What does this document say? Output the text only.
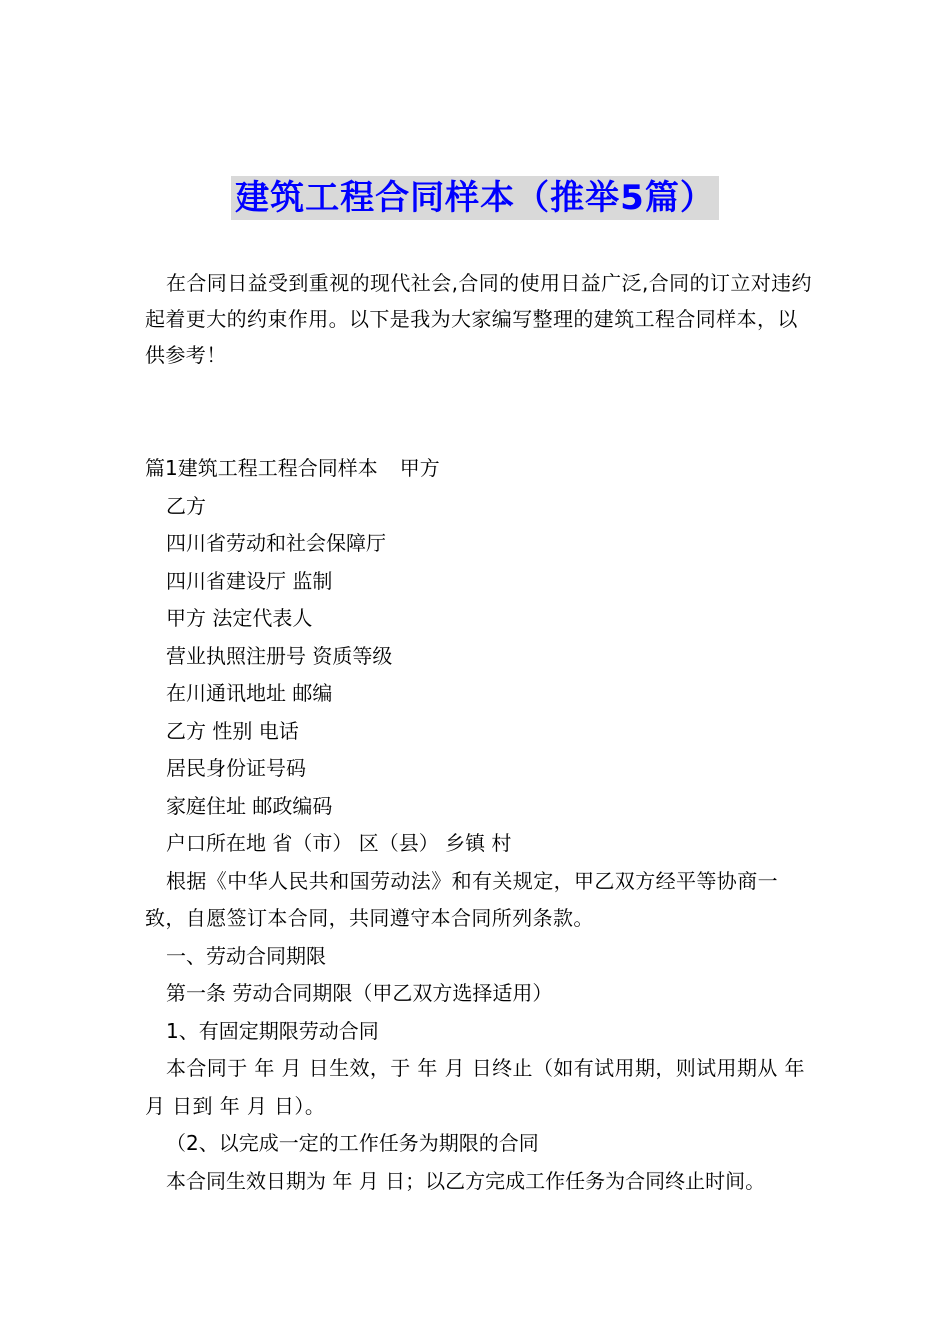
建筑工程合同样本（推举5篇）

在合同日益受到重视的现代社会,合同的使用日益广泛,合同的订立对违约起着更大的约束作用。以下是我为大家编写整理的建筑工程合同样本，以供参考！

篇1建筑工程工程合同样本 甲方
乙方
四川省劳动和社会保障厅
四川省建设厅 监制
甲方 法定代表人
营业执照注册号 资质等级
在川通讯地址 邮编
乙方 性别 电话
居民身份证号码
家庭住址 邮政编码
户口所在地 省（市） 区（县） 乡镇 村
根据《中华人民共和国劳动法》和有关规定，甲乙双方经平等协商一致，自愿签订本合同，共同遵守本合同所列条款。
一、劳动合同期限
第一条 劳动合同期限（甲乙双方选择适用）
1、有固定期限劳动合同
本合同于 年 月 日生效，于 年 月 日终止（如有试用期，则试用期从 年 月 日到 年 月 日）。
（2、以完成一定的工作任务为期限的合同
本合同生效日期为 年 月 日；以乙方完成工作任务为合同终止时间。
